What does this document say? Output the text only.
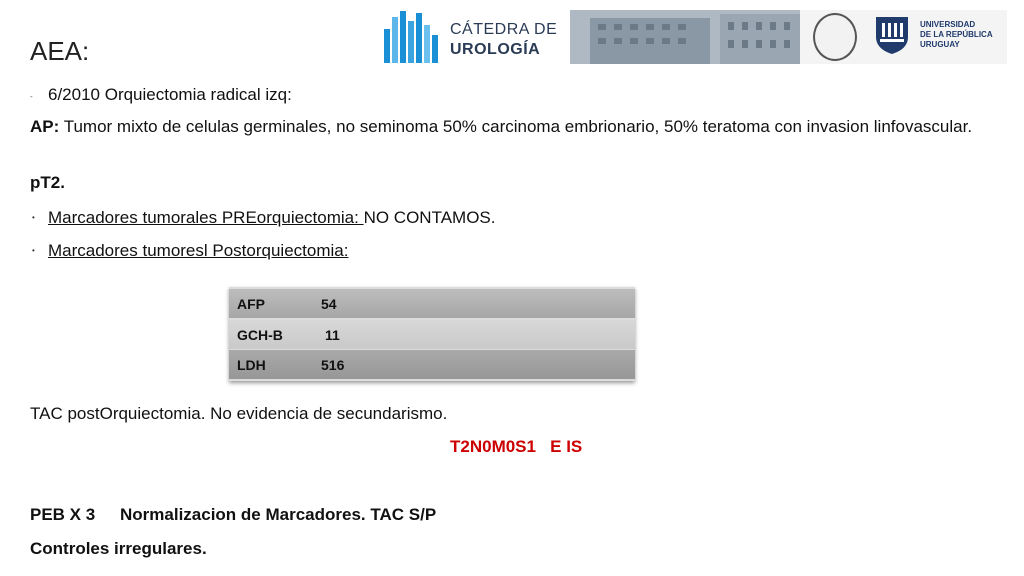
CÁTEDRA DE
UROLOGÍA
UNIVERSIDAD
DE LA REPÚBLICA
URUGUAY
AEA:
- 6/2010 Orquiectomia radical izq:
AP: Tumor mixto de celulas germinales, no seminoma 50% carcinoma embrionario, 50% teratoma con invasion linfovascular.
pT2.
• Marcadores tumorales PREorquiectomia: NO CONTAMOS.
• Marcadores tumoresl Postorquiectomia:
AFP	54
GCH-B	11
LDH	516
TAC postOrquiectomia. No evidencia de secundarismo.
T2N0M0S1   E IS
PEB X 3 Normalizacion de Marcadores. TAC S/P
Controles irregulares.
